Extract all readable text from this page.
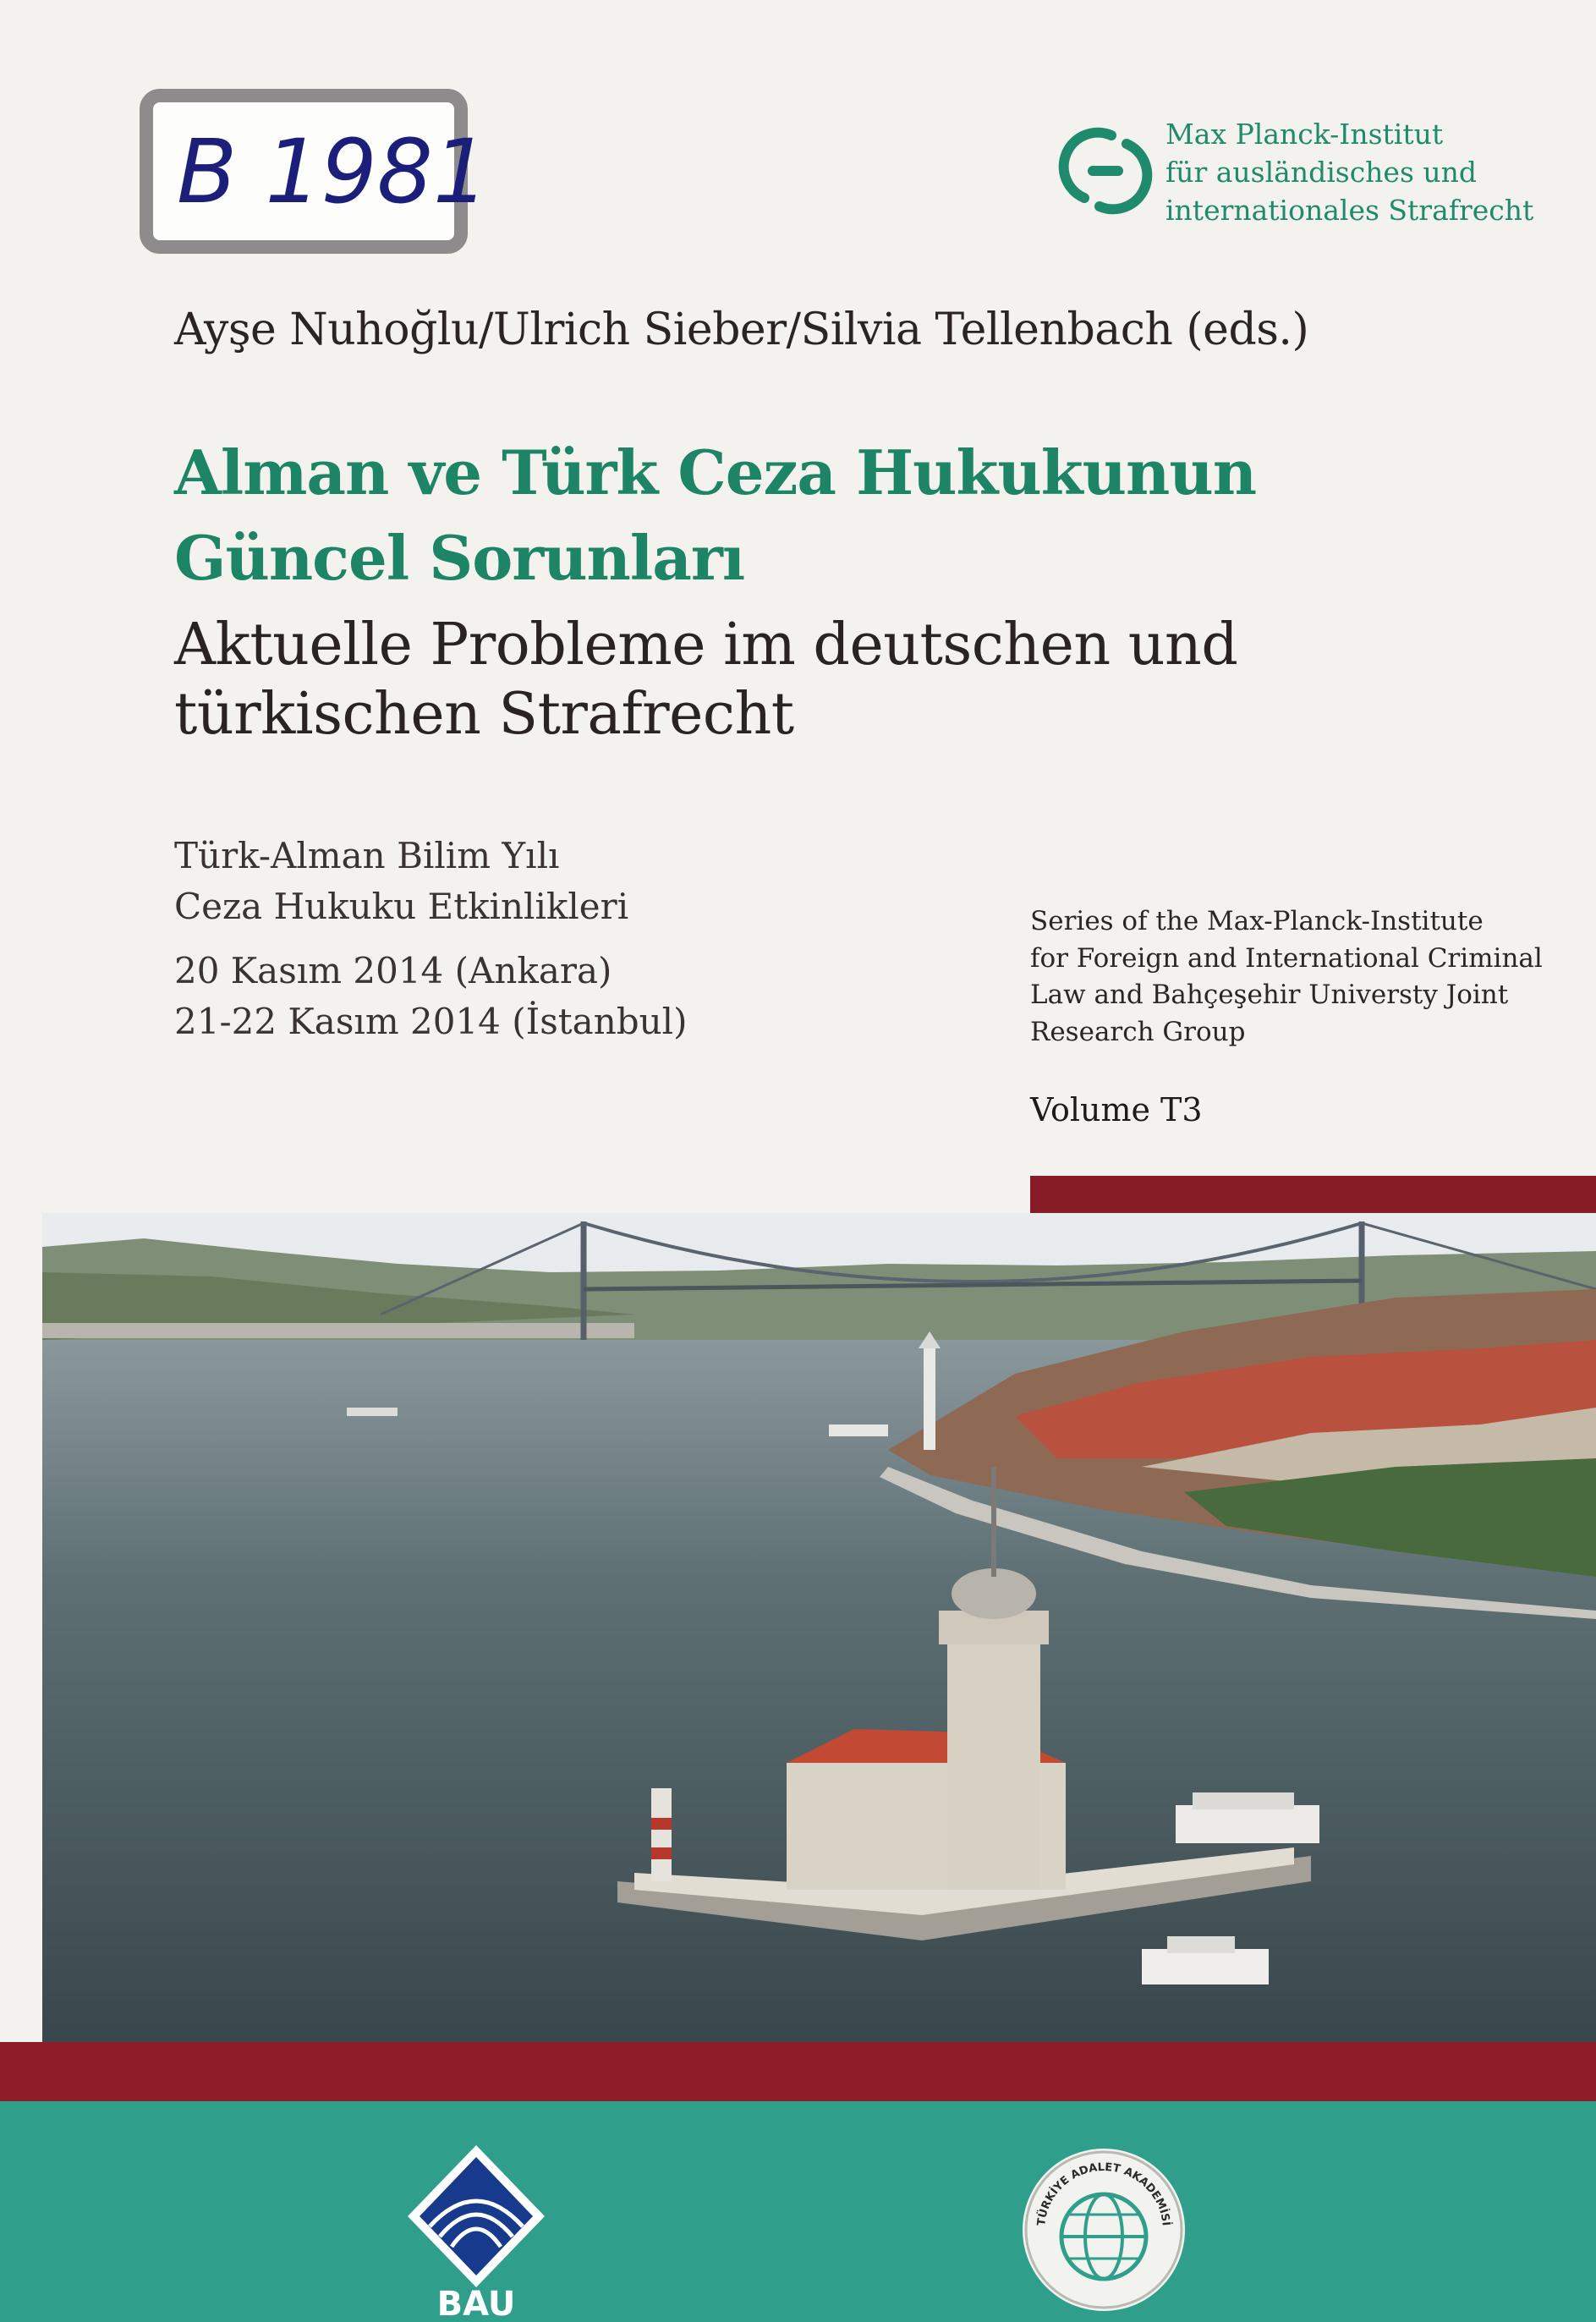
B 1981	Max Planck-Institut
für ausländisches und
internationales Strafrecht
Ayşe Nuhoğlu/Ulrich Sieber/Silvia Tellenbach (eds.)
Alman ve Türk Ceza Hukukunun
Güncel Sorunları
Aktuelle Probleme im deutschen und
türkischen Strafrecht
Türk-Alman Bilim Yılı
Ceza Hukuku Etkinlikleri
20 Kasım 2014 (Ankara)
21-22 Kasım 2014 (İstanbul)
Series of the Max-Planck-Institute
for Foreign and International Criminal
Law and Bahçeşehir Universty Joint
Research Group
Volume T3
BAU
TÜRKİYE ADALET AKADEMİSİ
